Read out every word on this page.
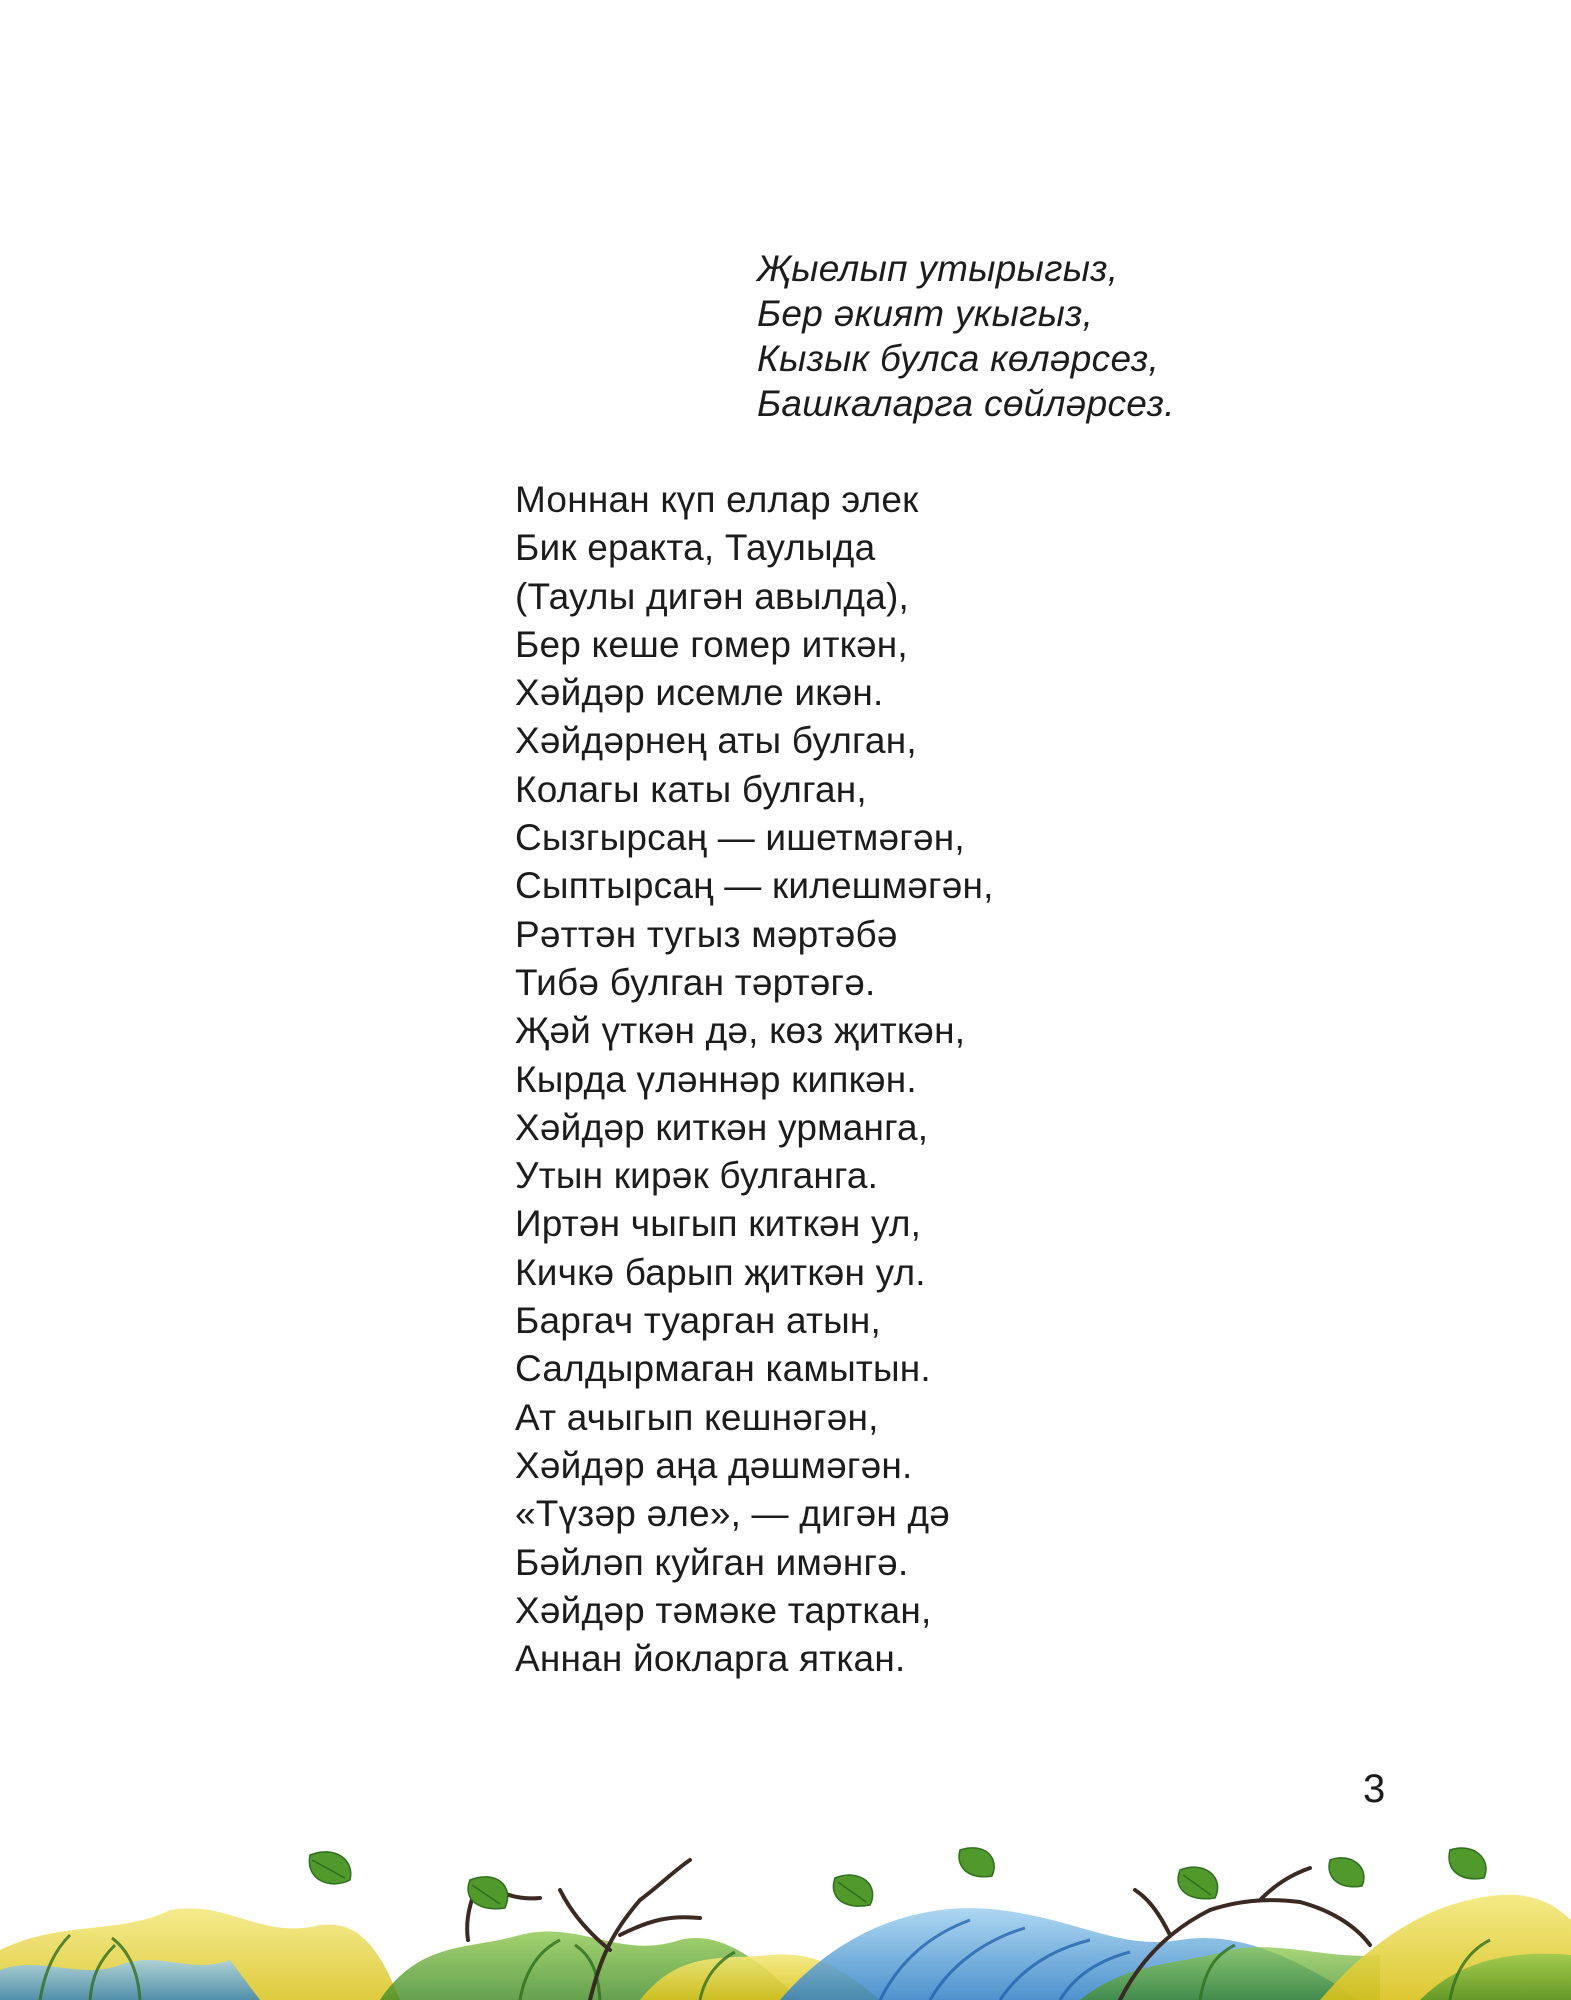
Җыелып утырыгыз,
Бер әкият укыгыз,
Кызык булса көләрсез,
Башкаларга сөйләрсез.
Моннан күп еллар элек
Бик еракта, Таулыда
(Таулы дигән авылда),
Бер кеше гомер иткән,
Хәйдәр исемле икән.
Хәйдәрнең аты булган,
Колагы каты булган,
Сызгырсаң — ишетмәгән,
Сыптырсаң — килешмәгән,
Рәттән тугыз мәртәбә
Тибә булган тәртәгә.
Җәй үткән дә, көз җиткән,
Кырда үләннәр кипкән.
Хәйдәр киткән урманга,
Утын кирәк булганга.
Иртән чыгып киткән ул,
Кичкә барып җиткән ул.
Баргач туарган атын,
Салдырмаган камытын.
Ат ачыгып кешнәгән,
Хәйдәр аңа дәшмәгән.
«Түзәр әле», — дигән дә
Бәйләп куйган имәнгә.
Хәйдәр тәмәке тарткан,
Аннан йокларга яткан.
3
